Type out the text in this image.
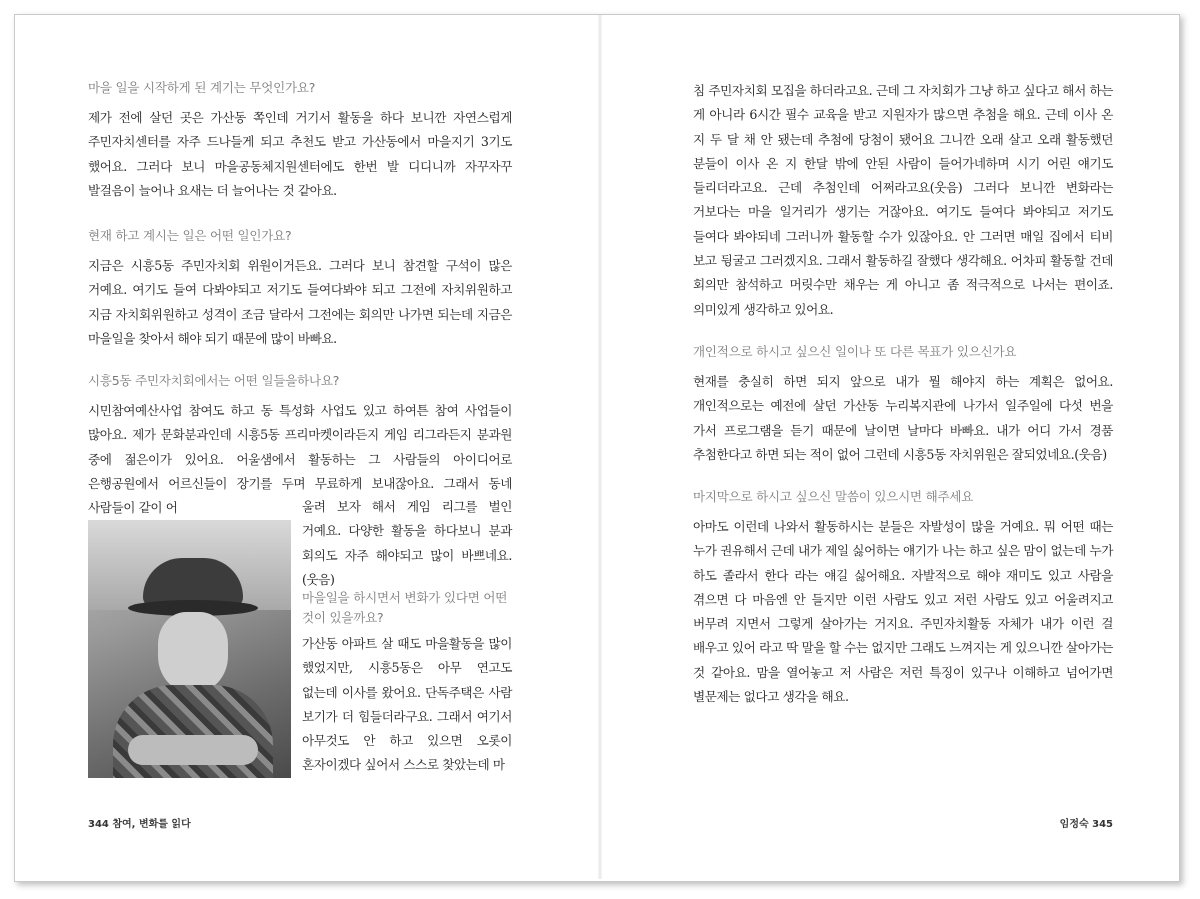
마을 일을 시작하게 된 계기는 무엇인가요?

제가 전에 살던 곳은 가산동 쪽인데 거기서 활동을 하다 보니깐 자연스럽게 주민자치센터를 자주 드나들게 되고 추천도 받고 가산동에서 마을지기 3기도 했어요. 그러다 보니 마을공동체지원센터에도 한번 발 디디니까 자꾸자꾸 발걸음이 늘어나 요새는 더 늘어나는 것 같아요.

현재 하고 계시는 일은 어떤 일인가요?

지금은 시흥5동 주민자치회 위원이거든요. 그러다 보니 참견할 구석이 많은 거예요. 여기도 들여 다봐야되고 저기도 들여다봐야 되고 그전에 자치위원하고 지금 자치회위원하고 성격이 조금 달라서 그전에는 회의만 나가면 되는데 지금은 마을일을 찾아서 해야 되기 때문에 많이 바빠요.

시흥5동 주민자치회에서는 어떤 일들을하나요?

시민참여예산사업 참여도 하고 동 특성화 사업도 있고 하여튼 참여 사업들이 많아요. 제가 문화분과인데 시흥5동 프리마켓이라든지 게임 리그라든지 분과원 중에 젊은이가 있어요. 어울샘에서 활동하는 그 사람들의 아이디어로 은행공원에서 어르신들이 장기를 두며 무료하게 보내잖아요. 그래서 동네 사람들이 같이 어	울려 보자 해서 게임 리그를 벌인 거예요. 다양한 활동을 하다보니 분과 회의도 자주 해야되고 많이 바쁘네요.(웃음)

마을일을 하시면서 변화가 있다면 어떤 것이 있을까요?

가산동 아파트 살 때도 마을활동을 많이 했었지만, 시흥5동은 아무 연고도 없는데 이사를 왔어요. 단독주택은 사람 보기가 더 힘들더라구요. 그래서 여기서 아무것도 안 하고 있으면 오롯이 혼자이겠다 싶어서 스스로 찾았는데 마

344 참여, 변화를 읽다

침 주민자치회 모집을 하더라고요. 근데 그 자치회가 그냥 하고 싶다고 해서 하는 게 아니라 6시간 필수 교육을 받고 지원자가 많으면 추첨을 해요. 근데 이사 온 지 두 달 채 안 됐는데 추첨에 당첨이 됐어요 그니깐 오래 살고 오래 활동했던 분들이 이사 온 지 한달 밖에 안된 사람이 들어가네하며 시기 어린 얘기도 들리더라고요. 근데 추첨인데 어쩌라고요(웃음) 그러다 보니깐 변화라는 거보다는 마을 일거리가 생기는 거잖아요. 여기도 들여다 봐야되고 저기도 들여다 봐야되네 그러니까 활동할 수가 있잖아요. 안 그러면 매일 집에서 티비 보고 뒹굴고 그러겠지요. 그래서 활동하길 잘했다 생각해요. 어차피 활동할 건데 회의만 참석하고 머릿수만 채우는 게 아니고 좀 적극적으로 나서는 편이죠. 의미있게 생각하고 있어요.

개인적으로 하시고 싶으신 일이나 또 다른 목표가 있으신가요

현재를 충실히 하면 되지 앞으로 내가 뭘 해야지 하는 계획은 없어요. 개인적으로는 예전에 살던 가산동 누리복지관에 나가서 일주일에 다섯 번을 가서 프로그램을 듣기 때문에 날이면 날마다 바빠요. 내가 어디 가서 경품 추첨한다고 하면 되는 적이 없어 그런데 시흥5동 자치위원은 잘되었네요.(웃음)

마지막으로 하시고 싶으신 말씀이 있으시면 해주세요

아마도 이런데 나와서 활동하시는 분들은 자발성이 많을 거예요. 뭐 어떤 때는 누가 권유해서 근데 내가 제일 싫어하는 얘기가 나는 하고 싶은 맘이 없는데 누가 하도 졸라서 한다 라는 얘길 싫어해요. 자발적으로 해야 재미도 있고 사람을 겪으면 다 마음엔 안 들지만 이런 사람도 있고 저런 사람도 있고 어울려지고 버무려 지면서 그렇게 살아가는 거지요. 주민자치활동 자체가 내가 이런 걸 배우고 있어 라고 딱 말을 할 수는 없지만 그래도 느껴지는 게 있으니깐 살아가는 것 같아요. 맘을 열어놓고 저 사람은 저런 특징이 있구나 이해하고 넘어가면 별문제는 없다고 생각을 해요.

임정숙 345
